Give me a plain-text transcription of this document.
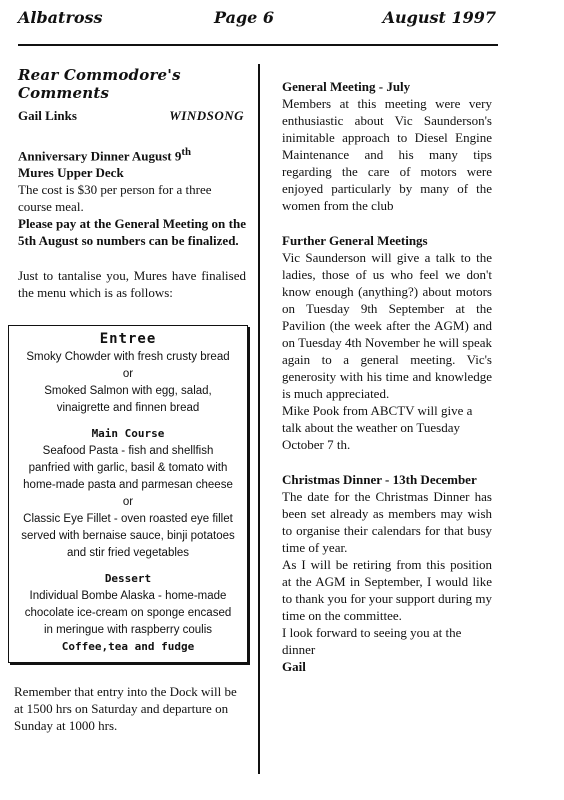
Albatross	Page 6	August 1997
Rear Commodore's Comments
Gail Links	WINDSONG
Anniversary Dinner August 9th
Mures Upper Deck
The cost is $30 per person for a three course meal.
Please pay at the General Meeting on the 5th August so numbers can be finalized.
Just to tantalise you, Mures have finalised the menu which is as follows:
Entree
Smoky Chowder with fresh crusty bread
or
Smoked Salmon with egg, salad,
vinaigrette and finnen bread
Main Course
Seafood Pasta - fish and shellfish
panfried with garlic, basil & tomato with
home-made pasta and parmesan cheese
or
Classic Eye Fillet - oven roasted eye fillet
served with bernaise sauce, binji potatoes
and stir fried vegetables
Dessert
Individual Bombe Alaska - home-made
chocolate ice-cream on sponge encased
in meringue with raspberry coulis
Coffee,tea and fudge
Remember that entry into the Dock will be at 1500 hrs on Saturday and departure on Sunday at 1000 hrs.
General Meeting - July
Members at this meeting were very enthusiastic about Vic Saunderson's inimitable approach to Diesel Engine Maintenance and his many tips regarding the care of motors were enjoyed particularly by many of the women from the club
Further General Meetings
Vic Saunderson will give a talk to the ladies, those of us who feel we don't know enough (anything?) about motors on Tuesday 9th September at the Pavilion (the week after the AGM) and on Tuesday 4th November he will speak again to a general meeting. Vic's generosity with his time and knowledge is much appreciated.
Mike Pook from ABCTV will give a talk about the weather on Tuesday October 7 th.
Christmas Dinner - 13th December
The date for the Christmas Dinner has been set already as members may wish to organise their calendars for that busy time of year.
As I will be retiring from this position at the AGM in September, I would like to thank you for your support during my time on the committee.
I look forward to seeing you at the dinner
Gail
